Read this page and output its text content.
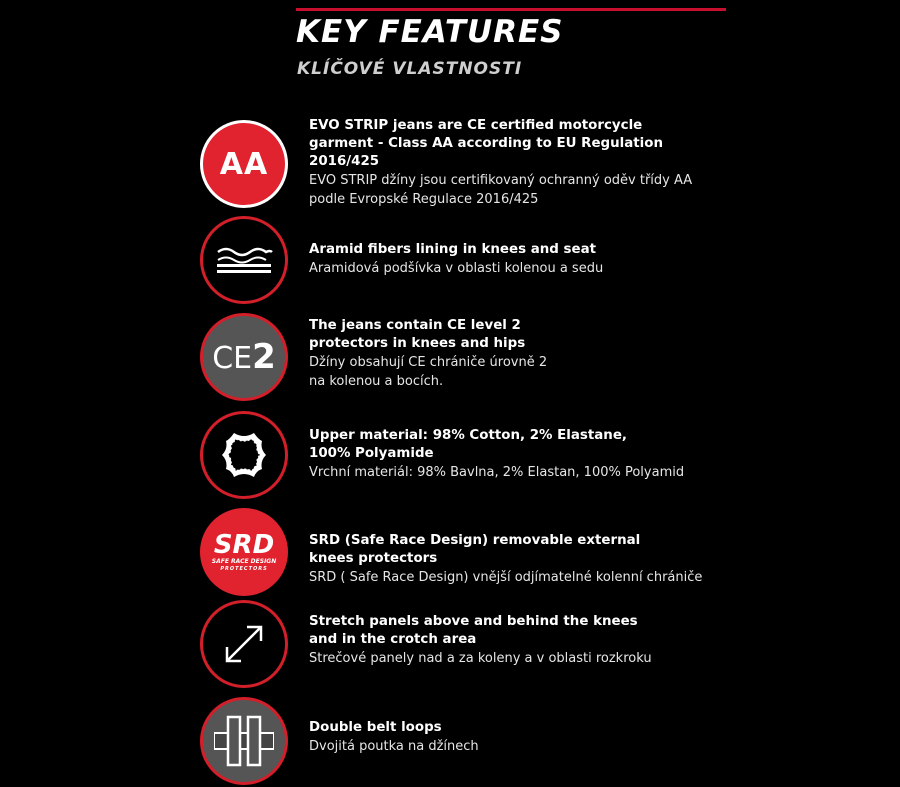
KEY FEATURES
KLÍČOVÉ VLASTNOSTI
AA
EVO STRIP jeans are CE certified motorcycle garment - Class AA according to EU Regulation 2016/425
EVO STRIP džíny jsou certifikovaný ochranný oděv třídy AA podle Evropské Regulace 2016/425
Aramid fibers lining in knees and seat
Aramidová podšívka v oblasti kolenou a sedu
CE2
The jeans contain CE level 2 protectors in knees and hips
Džíny obsahují CE chrániče úrovně 2 na kolenou a bocích.
Upper material: 98% Cotton, 2% Elastane, 100% Polyamide
Vrchní materiál: 98% Bavlna, 2% Elastan, 100% Polyamid
SRD
SAFE RACE DESIGN
PROTECTORS
SRD (Safe Race Design) removable external knees protectors
SRD ( Safe Race Design) vnější odjímatelné kolenní chrániče
Stretch panels above and behind the knees and in the crotch area
Strečové panely nad a za koleny a v oblasti rozkroku
Double belt loops
Dvojitá poutka na džínech
